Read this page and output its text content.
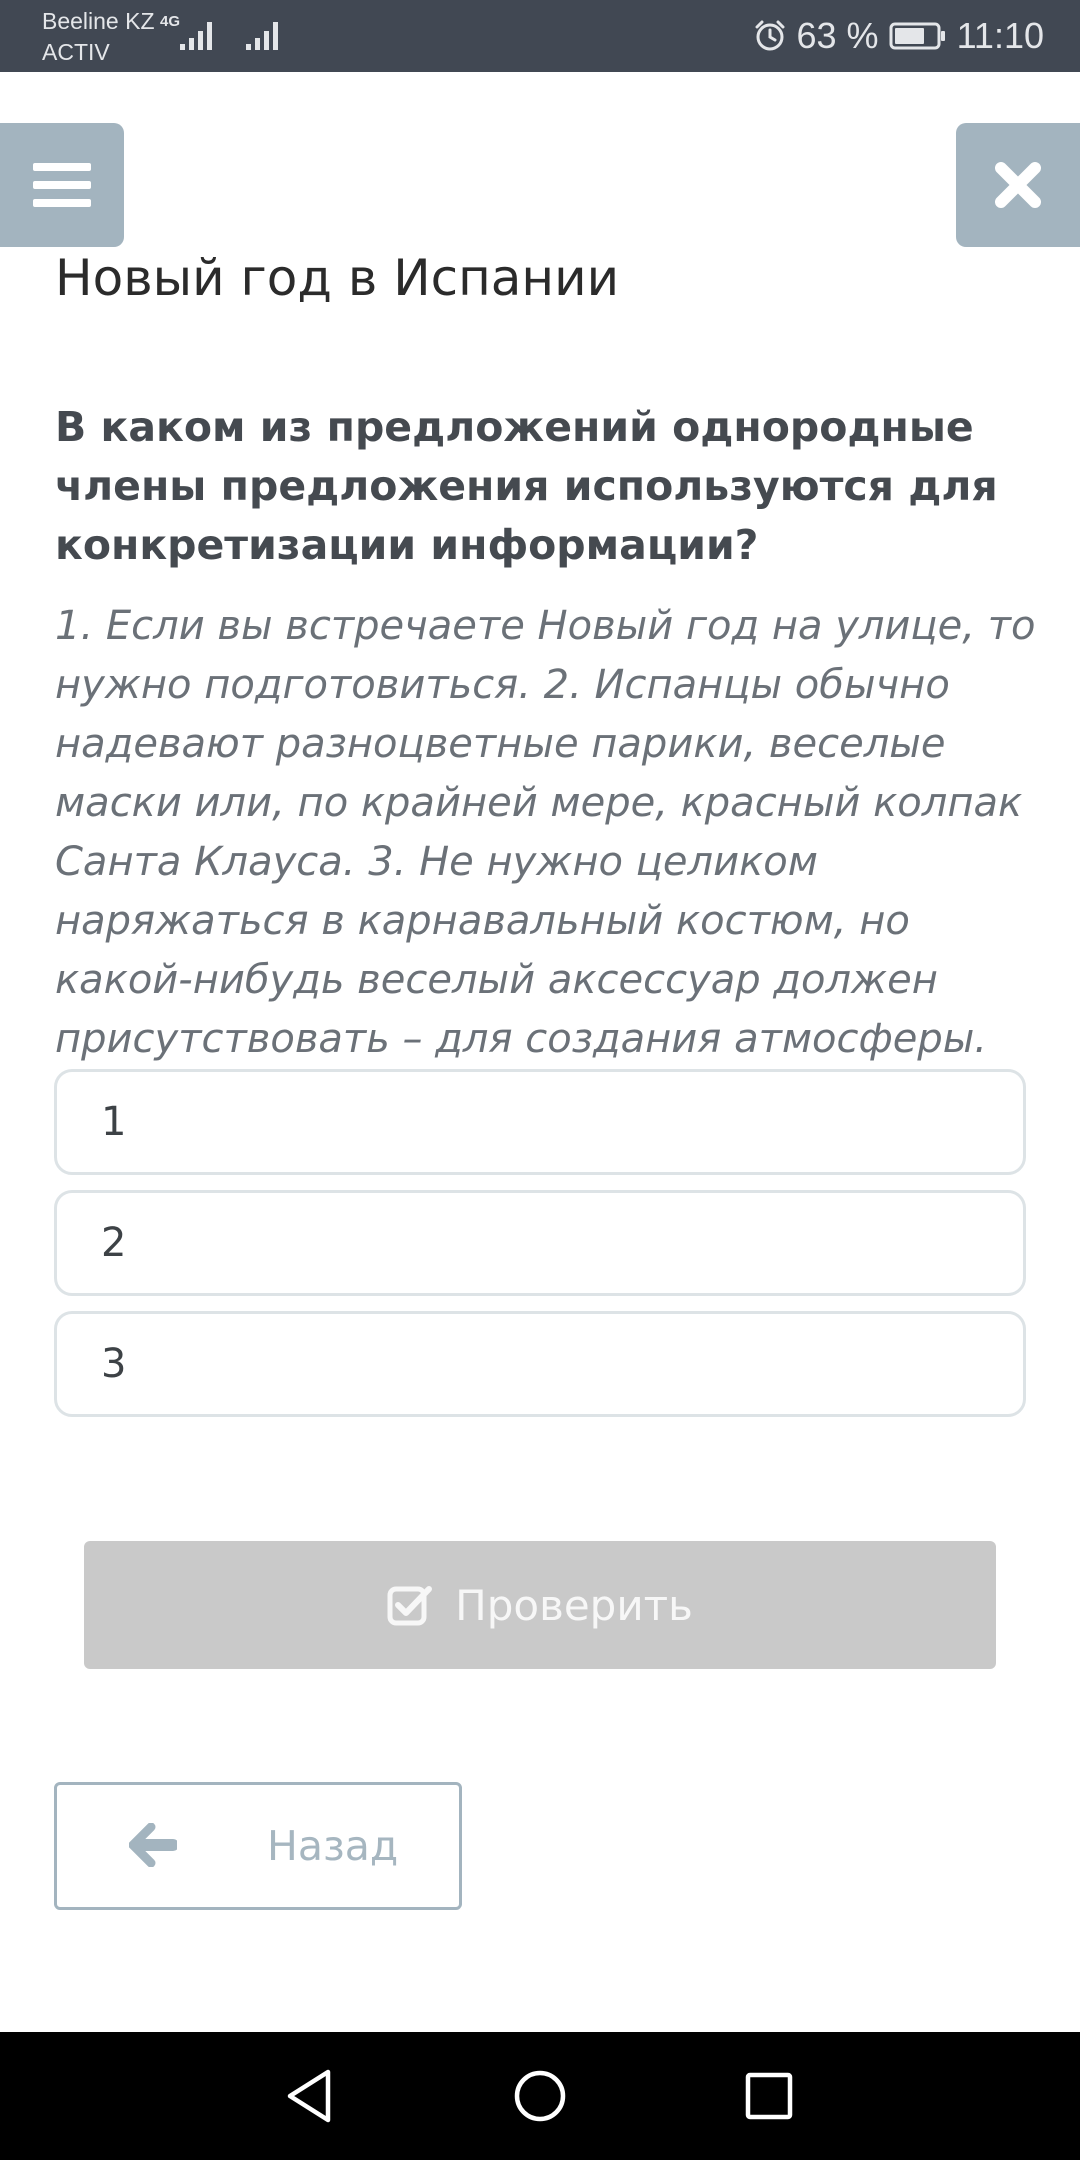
Beeline KZ
ACTIV
4G	63 % 11:10
Новый год в Испании

В каком из предложений однородные члены предложения используются для конкретизации информации?

1. Если вы встречаете Новый год на улице, то нужно подготовиться. 2. Испанцы обычно надевают разноцветные парики, веселые маски или, по крайней мере, красный колпак Санта Клауса. 3. Не нужно целиком наряжаться в карнавальный костюм, но какой-нибудь веселый аксессуар должен присутствовать – для создания атмосферы.

1
2
3
Проверить
Назад
